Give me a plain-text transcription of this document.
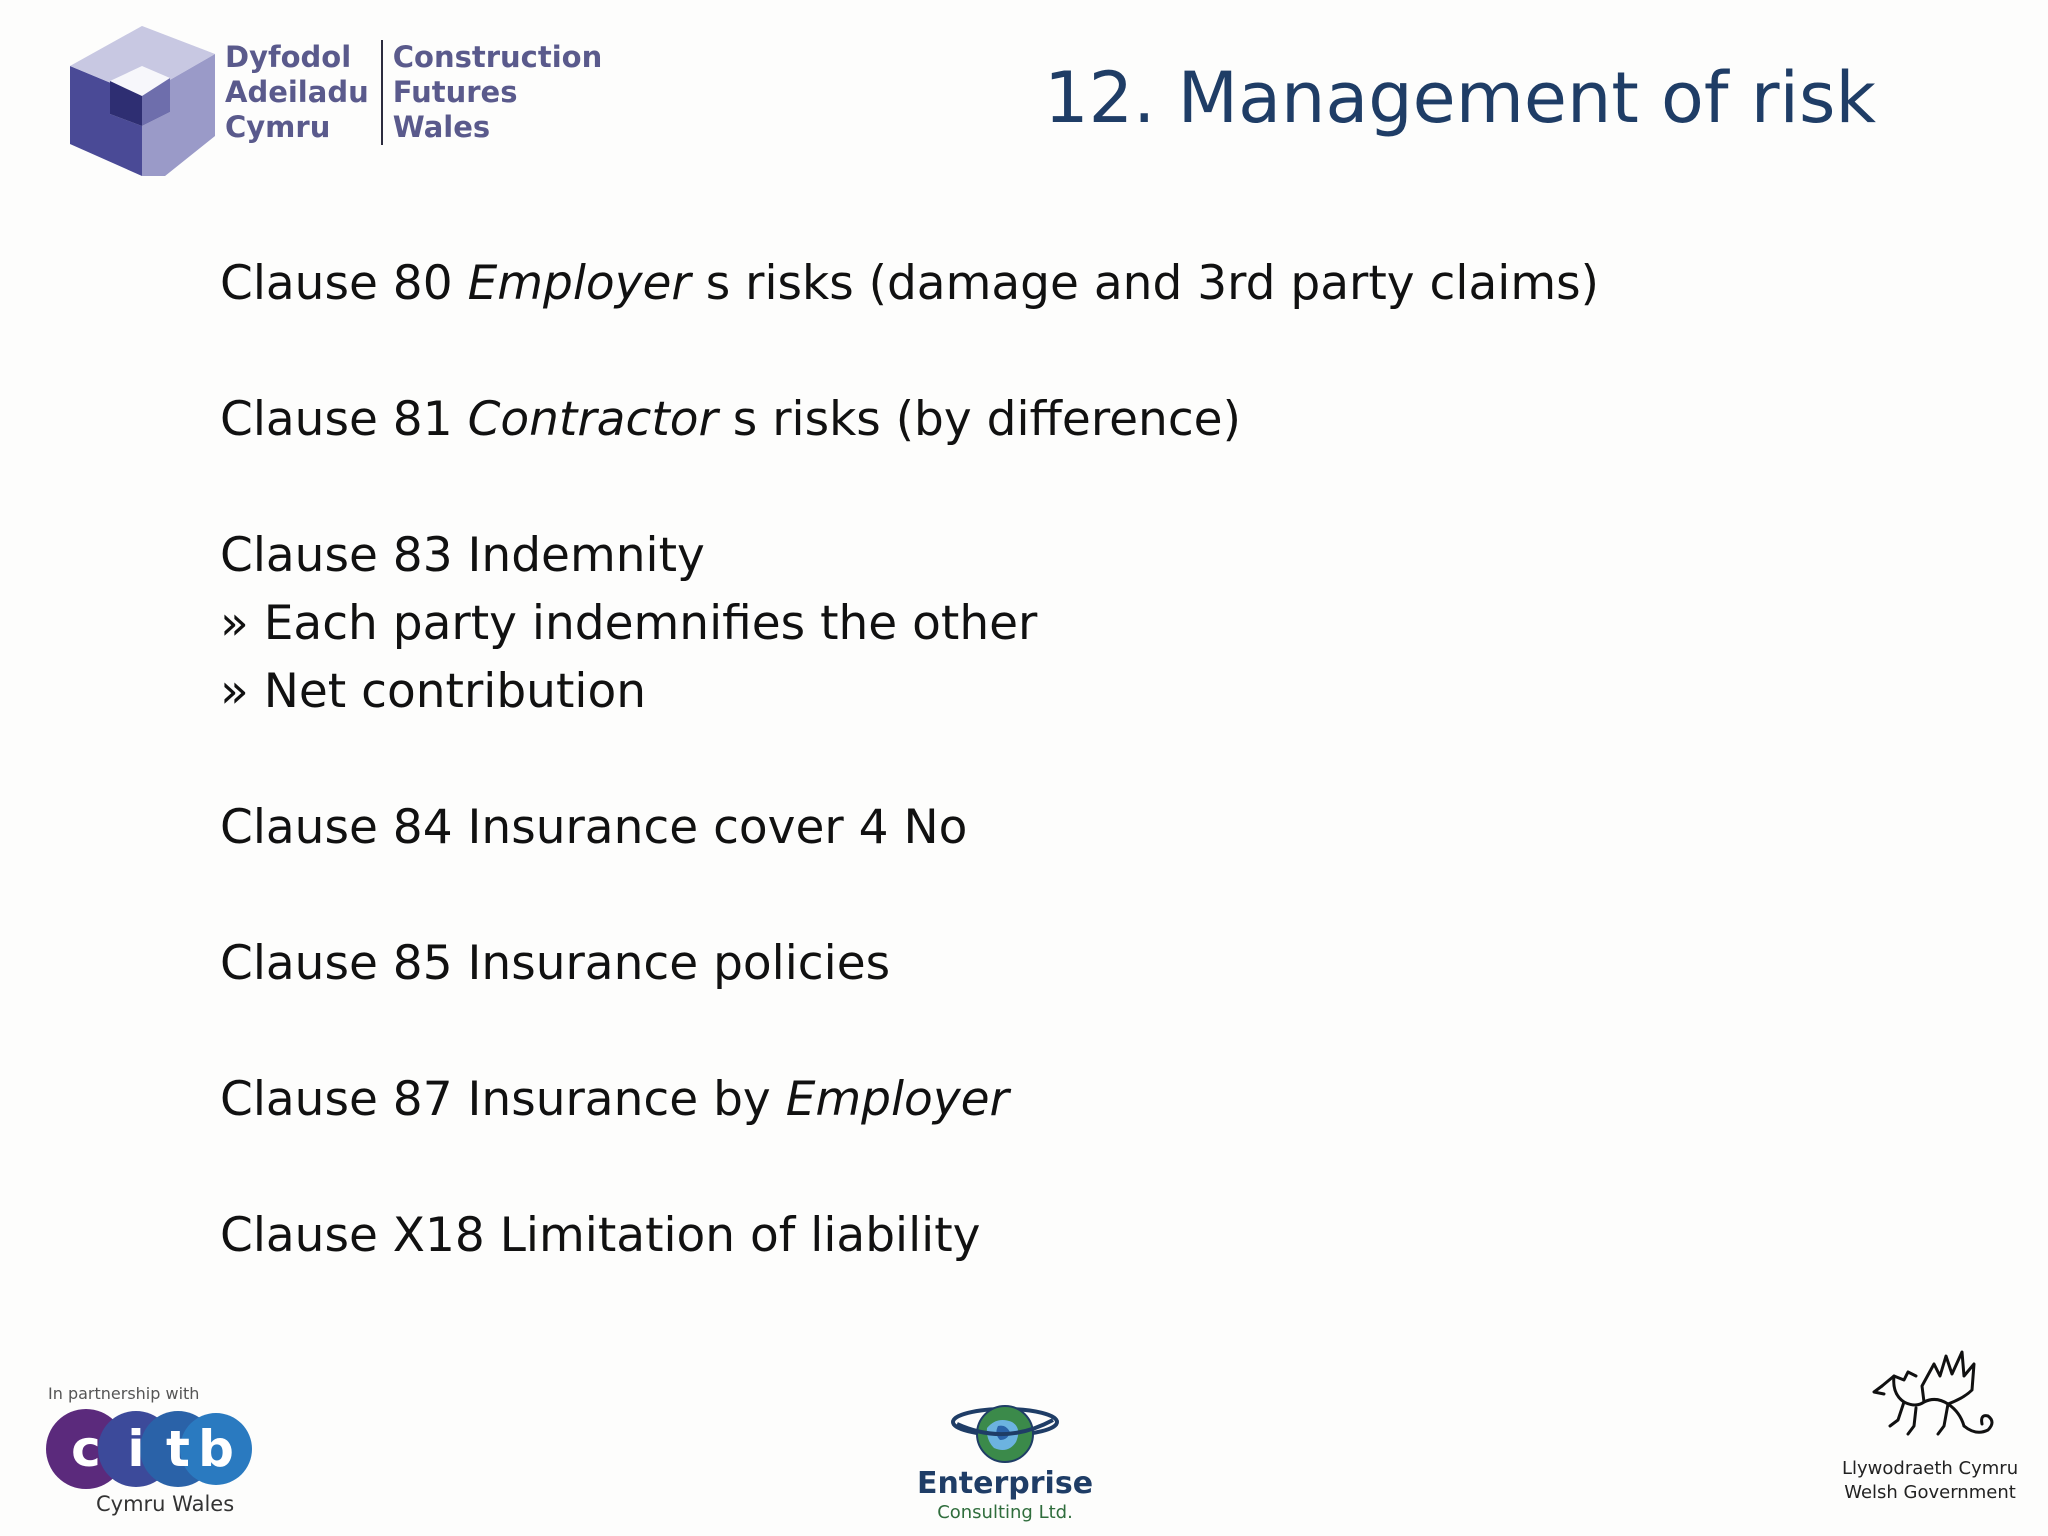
Dyfodol
Adeiladu
Cymru
Construction
Futures
Wales	12. Management of risk
Clause 80 Employer s risks (damage and 3rd party claims)
Clause 81 Contractor s risks (by difference)
Clause 83 Indemnity
» Each party indemnifies the other
» Net contribution
Clause 84 Insurance cover 4 No
Clause 85 Insurance policies
Clause 87 Insurance by Employer
Clause X18 Limitation of liability
In partnership with
c i t b
Cymru Wales
Enterprise
Consulting Ltd.
Llywodraeth Cymru
Welsh Government
